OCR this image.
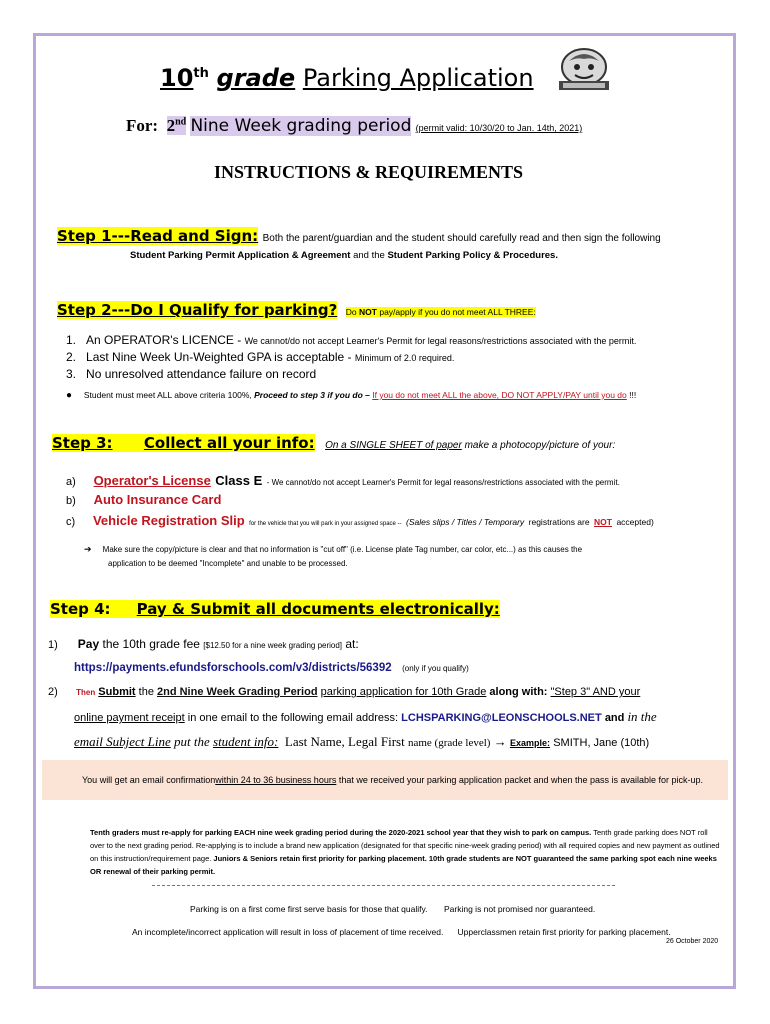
10th grade Parking Application
For: 2nd Nine Week grading period (permit valid: 10/30/20 to Jan. 14th, 2021)
INSTRUCTIONS & REQUIREMENTS
Step 1---Read and Sign: Both the parent/guardian and the student should carefully read and then sign the following
Student Parking Permit Application & Agreement and the Student Parking Policy & Procedures.
Step 2---Do I Qualify for parking? Do NOT pay/apply if you do not meet ALL THREE:
1. An OPERATOR's LICENCE - We cannot/do not accept Learner's Permit for legal reasons/restrictions associated with the permit.
2. Last Nine Week Un-Weighted GPA is acceptable - Minimum of 2.0 required.
3. No unresolved attendance failure on record
● Student must meet ALL above criteria 100%, Proceed to step 3 if you do – If you do not meet ALL the above, DO NOT APPLY/PAY until you do !!!
Step 3: Collect all your info: On a SINGLE SHEET of paper make a photocopy/picture of your:
a) Operator's License Class E - We cannot/do not accept Learner's Permit for legal reasons/restrictions associated with the permit.
b) Auto Insurance Card
c) Vehicle Registration Slip for the vehicle that you will park in your assigned space -- (Sales slips / Titles / Temporary registrations are NOT accepted)
➔ Make sure the copy/picture is clear and that no information is "cut off" (i.e. License plate Tag number, car color, etc...) as this causes the
application to be deemed "Incomplete" and unable to be processed.
Step 4: Pay & Submit all documents electronically:
1) Pay the 10th grade fee [$12.50 for a nine week grading period] at:
https://payments.efundsforschools.com/v3/districts/56392 (only if you qualify)
2) Then Submit the 2nd Nine Week Grading Period parking application for 10th Grade along with: "Step 3" AND your
online payment receipt in one email to the following email address: LCHSPARKING@LEONSCHOOLS.NET and in the
email Subject Line put the student info: Last Name, Legal First name (grade level) → Example: SMITH, Jane (10th)
You will get an email confirmationwithin 24 to 36 business hours that we received your parking application packet and when the pass is available for pick-up.
Tenth graders must re-apply for parking EACH nine week grading period during the 2020-2021 school year that they wish to park on campus. Tenth grade parking does NOT roll over to the next grading period. Re-applying is to include a brand new application (designated for that specific nine-week grading period) with all required copies and new payment as outlined on this instruction/requirement page. Juniors & Seniors retain first priority for parking placement. 10th grade students are NOT guaranteed the same parking spot each nine weeks OR renewal of their parking permit.
Parking is on a first come first serve basis for those that qualify. Parking is not promised nor guaranteed.
An incomplete/incorrect application will result in loss of placement of time received. Upperclassmen retain first priority for parking placement.
26 October 2020
